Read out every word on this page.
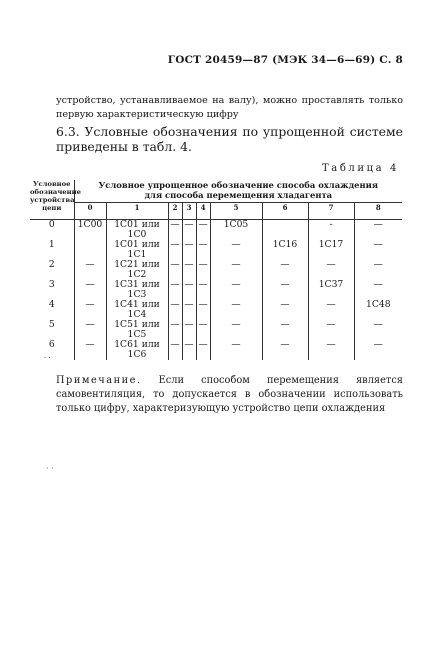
ГОСТ 20459—87 (МЭК 34—6—69) С. 8
устройство, устанавливаемое на валу), можно проставлять только первую характеристическую цифру
6.3. Условные обозначения по упрощенной системе приведены в табл. 4.
Таблица 4
Условное обозначение устройства цепи	Условное упрощенное обозначение способа охлаждения
для способа перемещения хладагента								

	0	1	2	3	4	5	6	7	8
0	1С00	1С01 или 1С0	—	—	—	1С05		-	—
1		1С01 или 1С1	—	—	—	—	1С16	1С17	—
2	—	1С21 или 1С2	—	—	—	—	—	—	—
3	—	1С31 или 1С3	—	—	—	—	—	1С37	—
4	—	1С41 или 1С4	—	—	—	—	—	—	1С48
5	—	1С51 или 1С5	—	—	—	—	—	—	—
6	—	1С61 или 1С6	—	—	—	—	—	—	—
· ·
Примечание. Если способом перемещения является самовентиляция, то допускается в обозначении использовать только цифру, характеризующую устройство цепи охлаждения
· ·
